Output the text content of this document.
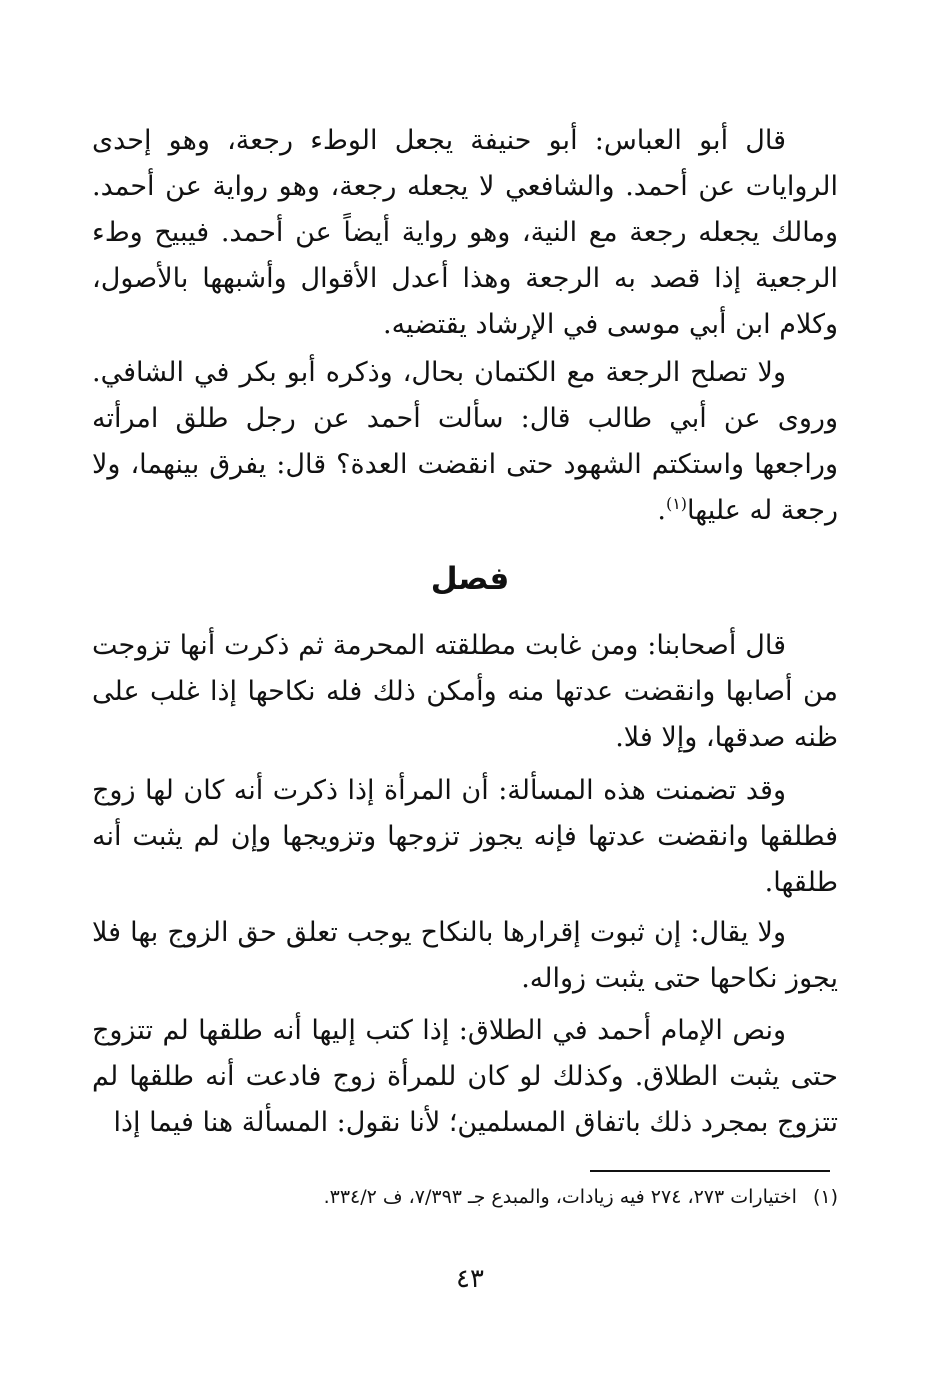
قال أبو العباس: أبو حنيفة يجعل الوطء رجعة، وهو إحدى الروايات عن أحمد. والشافعي لا يجعله رجعة، وهو رواية عن أحمد. ومالك يجعله رجعة مع النية، وهو رواية أيضاً عن أحمد. فيبيح وطء الرجعية إذا قصد به الرجعة وهذا أعدل الأقوال وأشبهها بالأصول، وكلام ابن أبي موسى في الإرشاد يقتضيه.

ولا تصلح الرجعة مع الكتمان بحال، وذكره أبو بكر في الشافي. وروى عن أبي طالب قال: سألت أحمد عن رجل طلق امرأته وراجعها واستكتم الشهود حتى انقضت العدة؟ قال: يفرق بينهما، ولا رجعة له عليها$^{(١)}$.

فصل

قال أصحابنا: ومن غابت مطلقته المحرمة ثم ذكرت أنها تزوجت من أصابها وانقضت عدتها منه وأمكن ذلك فله نكاحها إذا غلب على ظنه صدقها، وإلا فلا.

وقد تضمنت هذه المسألة: أن المرأة إذا ذكرت أنه كان لها زوج فطلقها وانقضت عدتها فإنه يجوز تزوجها وتزويجها وإن لم يثبت أنه طلقها.

ولا يقال: إن ثبوت إقرارها بالنكاح يوجب تعلق حق الزوج بها فلا يجوز نكاحها حتى يثبت زواله.

ونص الإمام أحمد في الطلاق: إذا كتب إليها أنه طلقها لم تتزوج حتى يثبت الطلاق. وكذلك لو كان للمرأة زوج فادعت أنه طلقها لم تتزوج بمجرد ذلك باتفاق المسلمين؛ لأنا نقول: المسألة هنا فيما إذا

(١) اختيارات ٢٧٣، ٢٧٤ فيه زيادات، والمبدع جـ ٧/٣٩٣، ف ٣٣٤/٢.
٤٣
